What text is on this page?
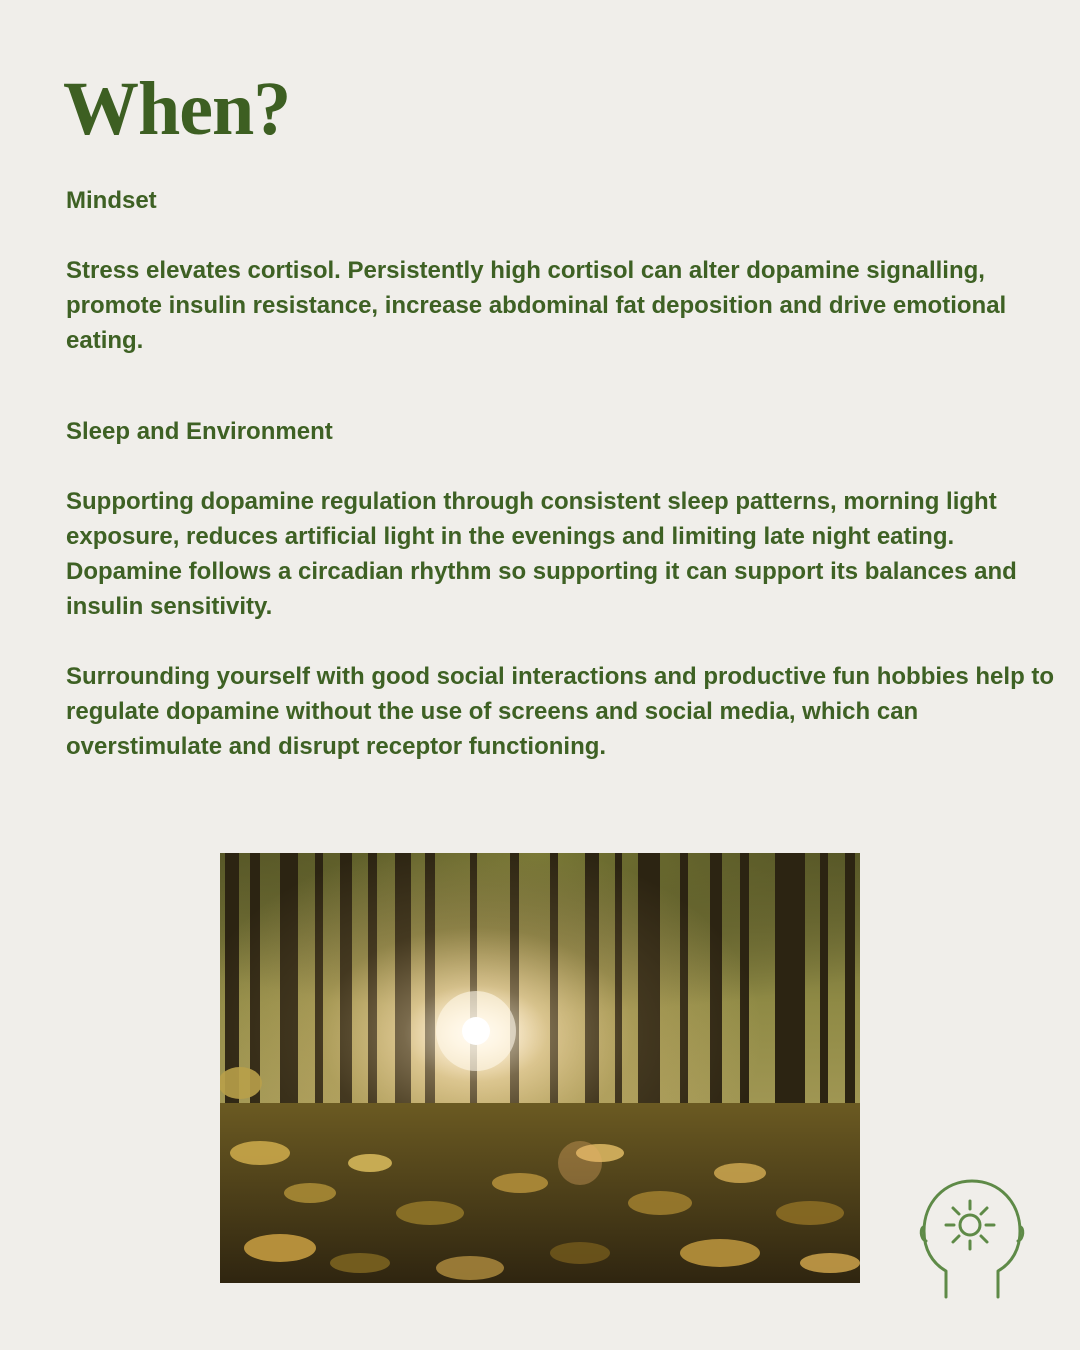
When?

Mindset

Stress elevates cortisol. Persistently high cortisol can alter dopamine signalling, promote insulin resistance, increase abdominal fat deposition and drive emotional eating.

Sleep and Environment

Supporting dopamine regulation through consistent sleep patterns, morning light exposure, reduces artificial light in the evenings and limiting late night eating. Dopamine follows a circadian rhythm so supporting it can support its balances and insulin sensitivity.

Surrounding yourself with good social interactions and productive fun hobbies help to regulate dopamine without the use of screens and social media, which can overstimulate and disrupt receptor functioning.
